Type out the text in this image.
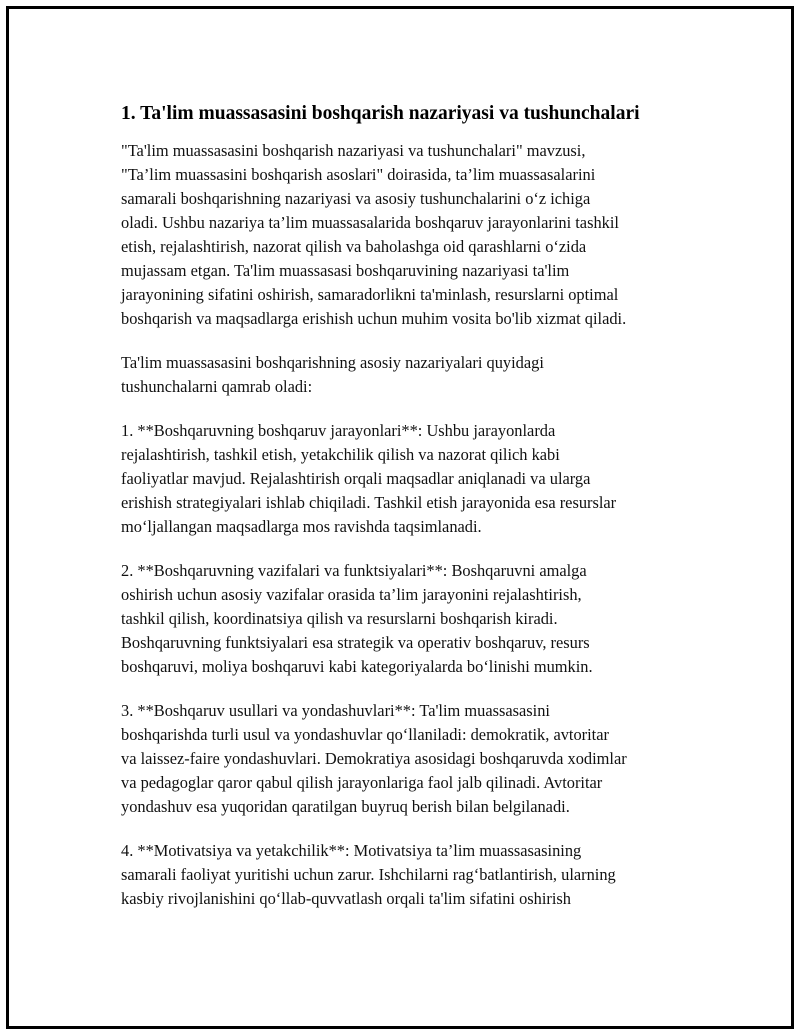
1. Ta'lim muassasasini boshqarish nazariyasi va tushunchalari

"Ta'lim muassasasini boshqarish nazariyasi va tushunchalari" mavzusi,
"Ta’lim muassasini boshqarish asoslari" doirasida, ta’lim muassasalarini
samarali boshqarishning nazariyasi va asosiy tushunchalarini o‘z ichiga
oladi. Ushbu nazariya ta’lim muassasalarida boshqaruv jarayonlarini tashkil
etish, rejalashtirish, nazorat qilish va baholashga oid qarashlarni o‘zida
mujassam etgan. Ta'lim muassasasi boshqaruvining nazariyasi ta'lim
jarayonining sifatini oshirish, samaradorlikni ta'minlash, resurslarni optimal
boshqarish va maqsadlarga erishish uchun muhim vosita bo'lib xizmat qiladi.

Ta'lim muassasasini boshqarishning asosiy nazariyalari quyidagi
tushunchalarni qamrab oladi:

1. **Boshqaruvning boshqaruv jarayonlari**: Ushbu jarayonlarda
rejalashtirish, tashkil etish, yetakchilik qilish va nazorat qilich kabi
faoliyatlar mavjud. Rejalashtirish orqali maqsadlar aniqlanadi va ularga
erishish strategiyalari ishlab chiqiladi. Tashkil etish jarayonida esa resurslar
mo‘ljallangan maqsadlarga mos ravishda taqsimlanadi.

2. **Boshqaruvning vazifalari va funktsiyalari**: Boshqaruvni amalga
oshirish uchun asosiy vazifalar orasida ta’lim jarayonini rejalashtirish,
tashkil qilish, koordinatsiya qilish va resurslarni boshqarish kiradi.
Boshqaruvning funktsiyalari esa strategik va operativ boshqaruv, resurs
boshqaruvi, moliya boshqaruvi kabi kategoriyalarda bo‘linishi mumkin.

3. **Boshqaruv usullari va yondashuvlari**: Ta'lim muassasasini
boshqarishda turli usul va yondashuvlar qo‘llaniladi: demokratik, avtoritar
va laissez-faire yondashuvlari. Demokratiya asosidagi boshqaruvda xodimlar
va pedagoglar qaror qabul qilish jarayonlariga faol jalb qilinadi. Avtoritar
yondashuv esa yuqoridan qaratilgan buyruq berish bilan belgilanadi.

4. **Motivatsiya va yetakchilik**: Motivatsiya ta’lim muassasasining
samarali faoliyat yuritishi uchun zarur. Ishchilarni rag‘batlantirish, ularning
kasbiy rivojlanishini qo‘llab-quvvatlash orqali ta'lim sifatini oshirish
